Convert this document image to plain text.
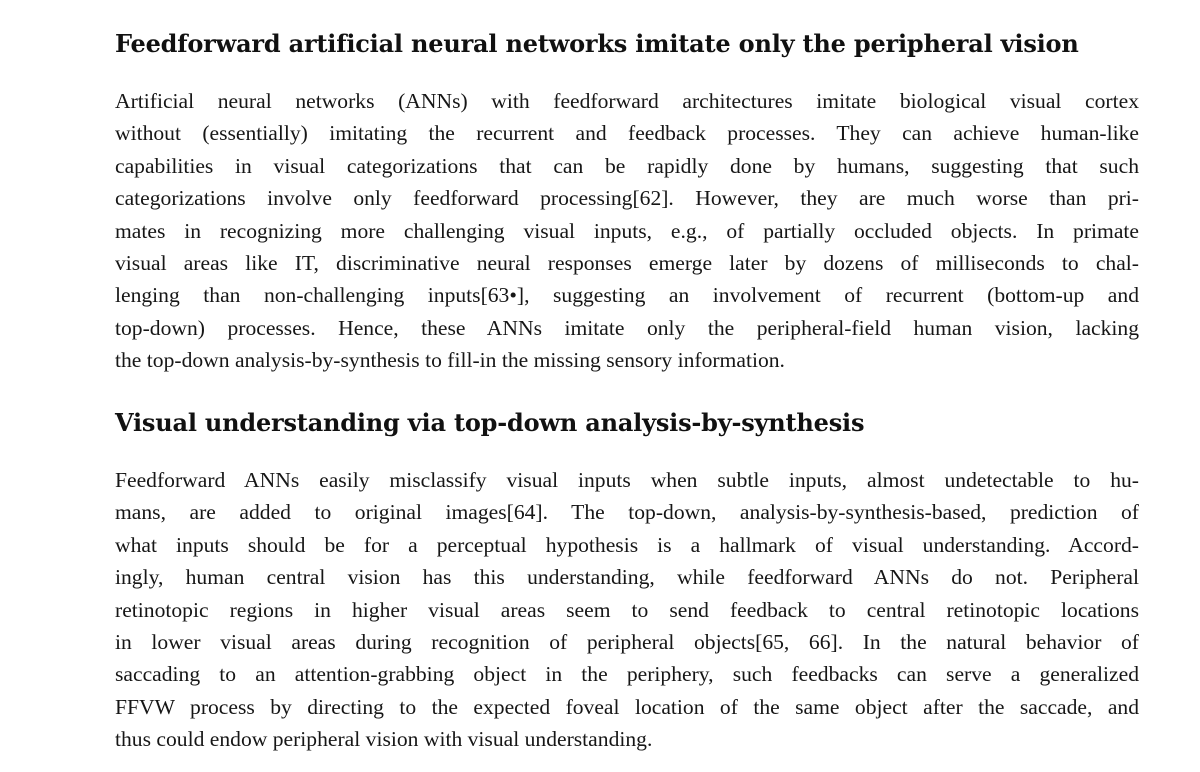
Feedforward artificial neural networks imitate only the peripheral vision

Artificial neural networks (ANNs) with feedforward architectures imitate biological visual cortex
without (essentially) imitating the recurrent and feedback processes. They can achieve human-like
capabilities in visual categorizations that can be rapidly done by humans, suggesting that such
categorizations involve only feedforward processing[62]. However, they are much worse than pri-
mates in recognizing more challenging visual inputs, e.g., of partially occluded objects. In primate
visual areas like IT, discriminative neural responses emerge later by dozens of milliseconds to chal-
lenging than non-challenging inputs[63•], suggesting an involvement of recurrent (bottom-up and
top-down) processes. Hence, these ANNs imitate only the peripheral-field human vision, lacking
the top-down analysis-by-synthesis to fill-in the missing sensory information.

Visual understanding via top-down analysis-by-synthesis

Feedforward ANNs easily misclassify visual inputs when subtle inputs, almost undetectable to hu-
mans, are added to original images[64]. The top-down, analysis-by-synthesis-based, prediction of
what inputs should be for a perceptual hypothesis is a hallmark of visual understanding. Accord-
ingly, human central vision has this understanding, while feedforward ANNs do not. Peripheral
retinotopic regions in higher visual areas seem to send feedback to central retinotopic locations
in lower visual areas during recognition of peripheral objects[65, 66]. In the natural behavior of
saccading to an attention-grabbing object in the periphery, such feedbacks can serve a generalized
FFVW process by directing to the expected foveal location of the same object after the saccade, and
thus could endow peripheral vision with visual understanding.
